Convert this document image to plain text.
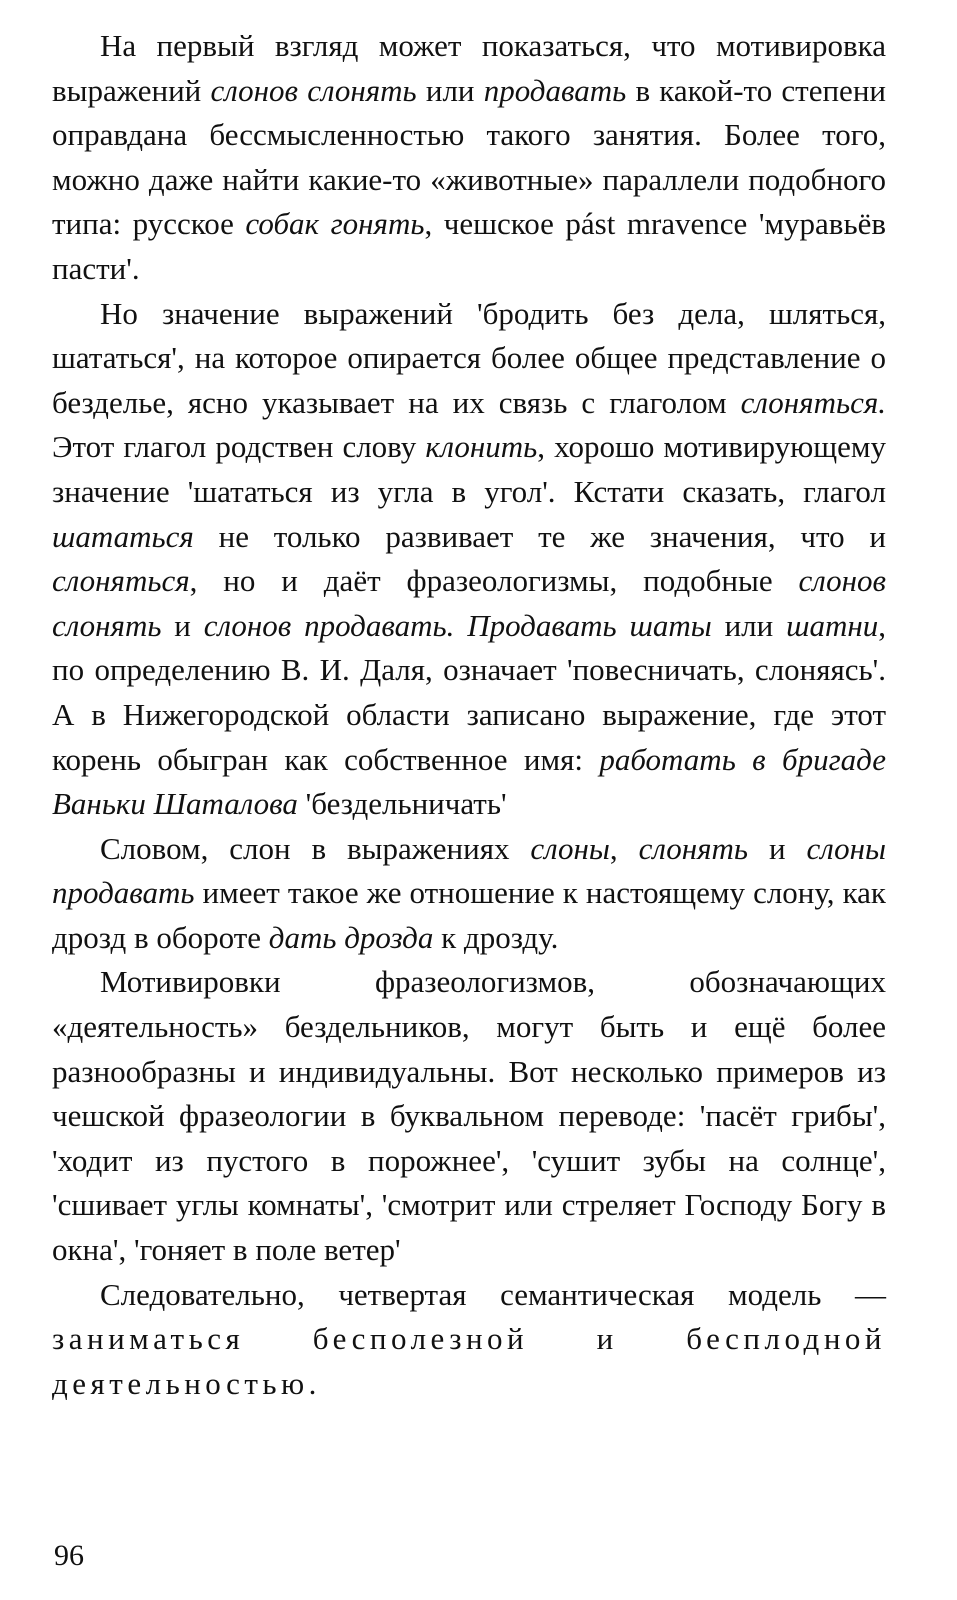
На первый взгляд может показаться, что мотивировка выражений слонов слонять или продавать в какой-то степени оправдана бессмысленностью такого занятия. Более того, можно даже найти какие-то «животные» параллели подобного типа: русское собак гонять, чешское pást mravence 'муравьёв пасти'.

Но значение выражений 'бродить без дела, шляться, шататься', на которое опирается более общее представление о безделье, ясно указывает на их связь с глаголом слоняться. Этот глагол родствен слову клонить, хорошо мотивирующему значение 'шататься из угла в угол'. Кстати сказать, глагол шататься не только развивает те же значения, что и слоняться, но и даёт фразеологизмы, подобные слонов слонять и слонов продавать. Продавать шаты или шатни, по определению В. И. Даля, означает 'повесничать, слоняясь'. А в Нижегородской области записано выражение, где этот корень обыгран как собственное имя: работать в бригаде Ваньки Шаталова 'бездельничать'

Словом, слон в выражениях слоны, слонять и слоны продавать имеет такое же отношение к настоящему слону, как дрозд в обороте дать дрозда к дрозду.

Мотивировки фразеологизмов, обозначающих «деятельность» бездельников, могут быть и ещё более разнообразны и индивидуальны. Вот несколько примеров из чешской фразеологии в буквальном переводе: 'пасёт грибы', 'ходит из пустого в порожнее', 'сушит зубы на солнце', 'сшивает углы комнаты', 'смотрит или стреляет Господу Богу в окна', 'гоняет в поле ветер'

Следовательно, четвертая семантическая модель — заниматься бесполезной и бесплодной деятельностью.

96
